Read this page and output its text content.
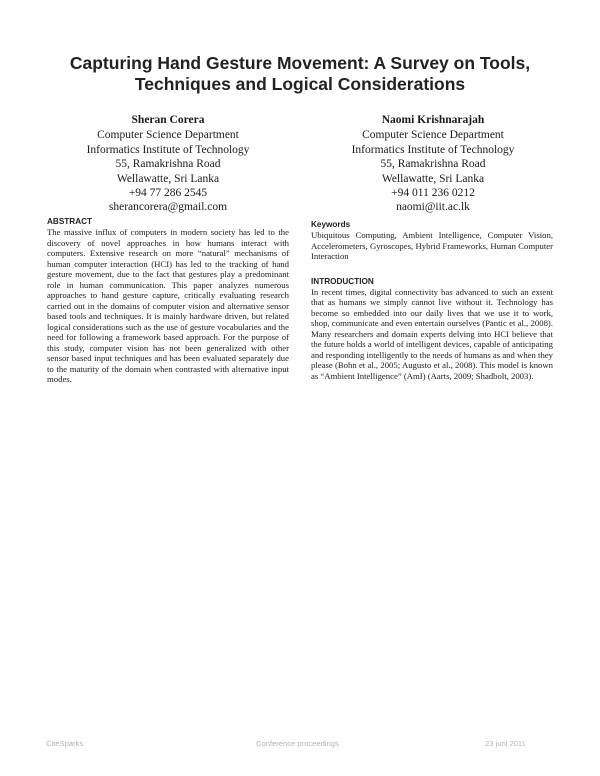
Capturing Hand Gesture Movement: A Survey on Tools,
Techniques and Logical Considerations
Sheran Corera
Computer Science Department
Informatics Institute of Technology
55, Ramakrishna Road
Wellawatte, Sri Lanka
+94 77 286 2545
sherancorera@gmail.com
Naomi Krishnarajah
Computer Science Department
Informatics Institute of Technology
55, Ramakrishna Road
Wellawatte, Sri Lanka
+94 011 236 0212
naomi@iit.ac.lk
ABSTRACT
The massive influx of computers in modern society has led to the discovery of novel approaches in how humans interact with computers. Extensive research on more “natural” mechanisms of human computer interaction (HCI) has led to the tracking of hand gesture movement, due to the fact that gestures play a predominant role in human communication. This paper analyzes numerous approaches to hand gesture capture, critically evaluating research carried out in the domains of computer vision and alternative sensor based tools and techniques. It is mainly hardware driven, but related logical considerations such as the use of gesture vocabularies and the need for following a framework based approach. For the purpose of this study, computer vision has not been generalized with other sensor based input techniques and has been evaluated separately due to the maturity of the domain when contrasted with alternative input modes.
Keywords
Ubiquitous Computing, Ambient Intelligence, Computer Vision, Accelerometers, Gyroscopes, Hybrid Frameworks, Human Computer Interaction
INTRODUCTION
In recent times, digital connectivity has advanced to such an extent that as humans we simply cannot live without it. Technology has become so embedded into our daily lives that we use it to work, shop, communicate and even entertain ourselves (Pantic et al., 2008). Many researchers and domain experts delving into HCI believe that the future holds a world of intelligent devices, capable of anticipating and responding intelligently to the needs of humans as and when they please (Bohn et al., 2005; Augusto et al., 2008). This model is known as “Ambient Intelligence” (AmI) (Aarts, 2009; Shadbolt, 2003).
CiteSparks	Conference proceedings	23 juni 2011
